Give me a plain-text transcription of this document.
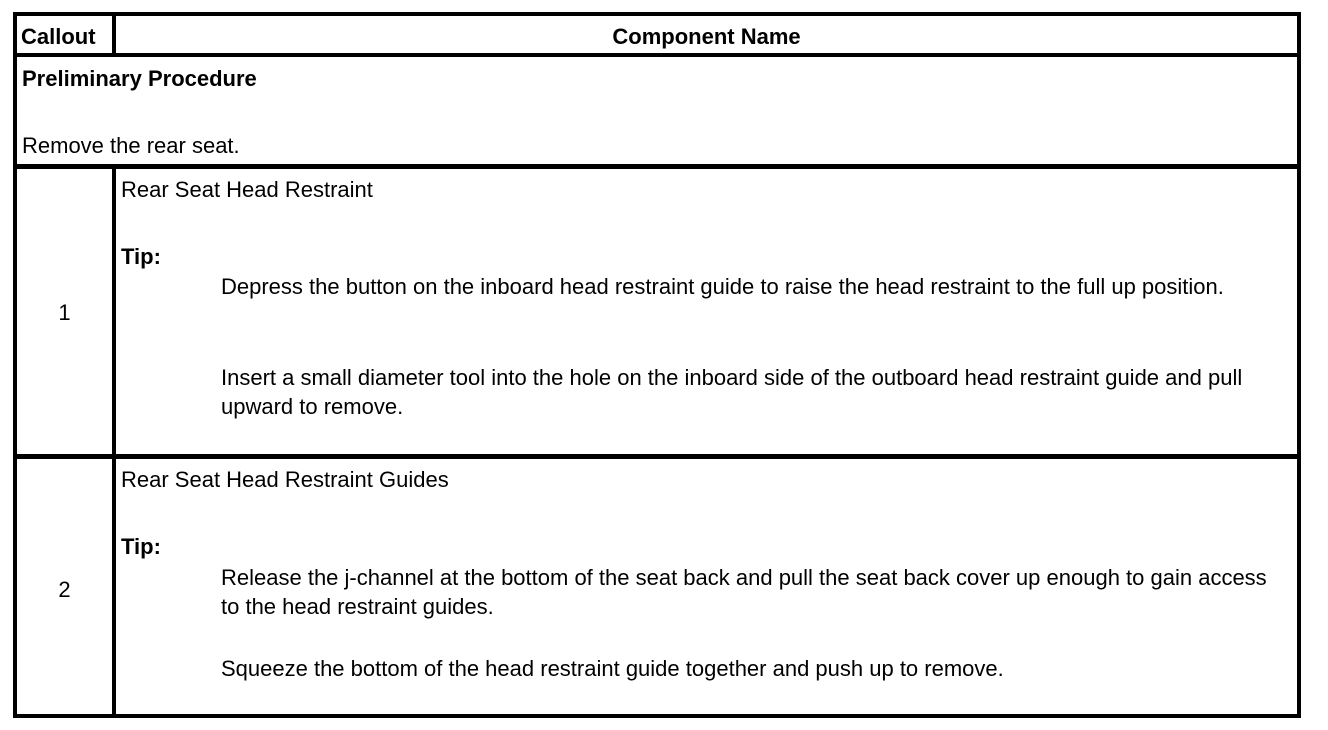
Callout	Component Name
Preliminary Procedure
Remove the rear seat.
1
Rear Seat Head Restraint
Tip:
Depress the button on the inboard head restraint guide to raise the head restraint to the full up position.
Insert a small diameter tool into the hole on the inboard side of the outboard head restraint guide and pull upward to remove.
2
Rear Seat Head Restraint Guides
Tip:
Release the j-channel at the bottom of the seat back and pull the seat back cover up enough to gain access to the head restraint guides.
Squeeze the bottom of the head restraint guide together and push up to remove.
